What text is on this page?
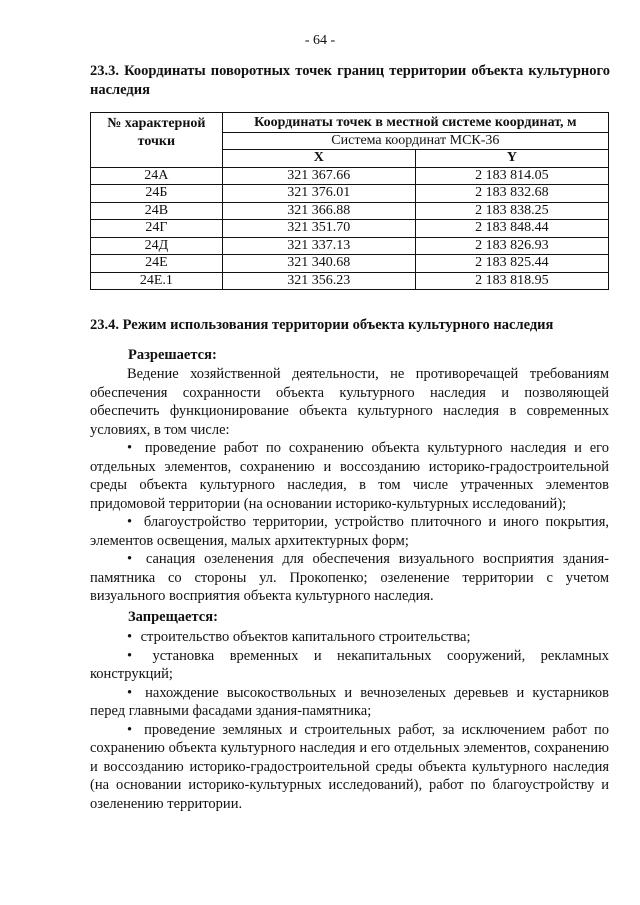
- 64 -
23.3. Координаты поворотных точек границ территории объекта культурного наследия
№ характерной точки	Координаты точек в местной системе координат, м	
	Система координат МСК-36	
	X	Y
24А	321 367.66	2 183 814.05
24Б	321 376.01	2 183 832.68
24В	321 366.88	2 183 838.25
24Г	321 351.70	2 183 848.44
24Д	321 337.13	2 183 826.93
24Е	321 340.68	2 183 825.44
24Е.1	321 356.23	2 183 818.95
23.4. Режим использования территории объекта культурного наследия
Разрешается:

Ведение хозяйственной деятельности, не противоречащей требованиям обеспечения сохранности объекта культурного наследия и позволяющей обеспечить функционирование объекта культурного наследия в современных условиях, в том числе:

• проведение работ по сохранению объекта культурного наследия и его отдельных элементов, сохранению и воссозданию историко-градостроительной среды объекта культурного наследия, в том числе утраченных элементов придомовой территории (на основании историко-культурных исследований);

• благоустройство территории, устройство плиточного и иного покрытия, элементов освещения, малых архитектурных форм;

• санация озеленения для обеспечения визуального восприятия здания-памятника со стороны ул. Прокопенко; озеленение территории с учетом визуального восприятия объекта культурного наследия.

Запрещается:

• строительство объектов капитального строительства;

• установка временных и некапитальных сооружений, рекламных конструкций;

• нахождение высокоствольных и вечнозеленых деревьев и кустарников перед главными фасадами здания-памятника;

• проведение земляных и строительных работ, за исключением работ по сохранению объекта культурного наследия и его отдельных элементов, сохранению и воссозданию историко-градостроительной среды объекта культурного наследия (на основании историко-культурных исследований), работ по благоустройству и озеленению территории.
